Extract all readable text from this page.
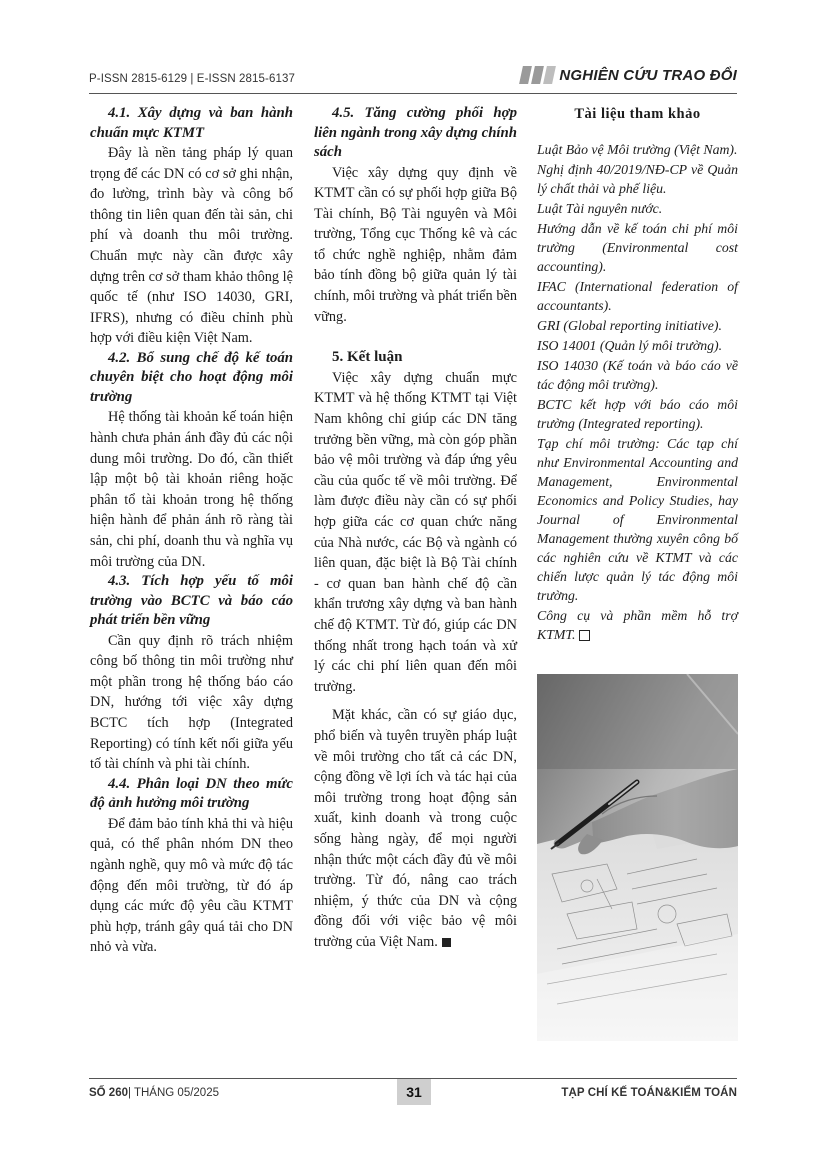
P-ISSN 2815-6129 | E-ISSN 2815-6137	NGHIÊN CỨU TRAO ĐỔI
4.1. Xây dựng và ban hành chuẩn mực KTMT

Đây là nền tảng pháp lý quan trọng để các DN có cơ sở ghi nhận, đo lường, trình bày và công bố thông tin liên quan đến tài sản, chi phí và doanh thu môi trường. Chuẩn mực này cần được xây dựng trên cơ sở tham khảo thông lệ quốc tế (như ISO 14030, GRI, IFRS), nhưng có điều chỉnh phù hợp với điều kiện Việt Nam.

4.2. Bổ sung chế độ kế toán chuyên biệt cho hoạt động môi trường

Hệ thống tài khoản kế toán hiện hành chưa phản ánh đầy đủ các nội dung môi trường. Do đó, cần thiết lập một bộ tài khoản riêng hoặc phân tổ tài khoản trong hệ thống hiện hành để phản ánh rõ ràng tài sản, chi phí, doanh thu và nghĩa vụ môi trường của DN.

4.3. Tích hợp yếu tố môi trường vào BCTC và báo cáo phát triển bền vững

Cần quy định rõ trách nhiệm công bố thông tin môi trường như một phần trong hệ thống báo cáo DN, hướng tới việc xây dựng BCTC tích hợp (Integrated Reporting) có tính kết nối giữa yếu tố tài chính và phi tài chính.

4.4. Phân loại DN theo mức độ ảnh hưởng môi trường

Để đảm bảo tính khả thi và hiệu quả, có thể phân nhóm DN theo ngành nghề, quy mô và mức độ tác động đến môi trường, từ đó áp dụng các mức độ yêu cầu KTMT phù hợp, tránh gây quá tải cho DN nhỏ và vừa.

4.5. Tăng cường phối hợp liên ngành trong xây dựng chính sách

Việc xây dựng quy định về KTMT cần có sự phối hợp giữa Bộ Tài chính, Bộ Tài nguyên và Môi trường, Tổng cục Thống kê và các tổ chức nghề nghiệp, nhằm đảm bảo tính đồng bộ giữa quản lý tài chính, môi trường và phát triển bền vững.

5. Kết luận

Việc xây dựng chuẩn mực KTMT và hệ thống KTMT tại Việt Nam không chỉ giúp các DN tăng trưởng bền vững, mà còn góp phần bảo vệ môi trường và đáp ứng yêu cầu của quốc tế về môi trường. Để làm được điều này cần có sự phối hợp giữa các cơ quan chức năng của Nhà nước, các Bộ và ngành có liên quan, đặc biệt là Bộ Tài chính - cơ quan ban hành chế độ cần khẩn trương xây dựng và ban hành chế độ KTMT. Từ đó, giúp các DN thống nhất trong hạch toán và xử lý các chi phí liên quan đến môi trường.

Mặt khác, cần có sự giáo dục, phổ biến và tuyên truyền pháp luật về môi trường cho tất cả các DN, cộng đồng về lợi ích và tác hại của môi trường trong hoạt động sản xuất, kinh doanh và trong cuộc sống hàng ngày, để mọi người nhận thức một cách đầy đủ về môi trường. Từ đó, nâng cao trách nhiệm, ý thức của DN và cộng đồng đối với việc bảo vệ môi trường của Việt Nam.

Tài liệu tham khảo
Luật Bảo vệ Môi trường (Việt Nam).
Nghị định 40/2019/NĐ-CP về Quản lý chất thải và phế liệu.
Luật Tài nguyên nước.
Hướng dẫn về kế toán chi phí môi trường (Environmental cost accounting).
IFAC (International federation of accountants).
GRI (Global reporting initiative).
ISO 14001 (Quản lý môi trường).
ISO 14030 (Kế toán và báo cáo về tác động môi trường).
BCTC kết hợp với báo cáo môi trường (Integrated reporting).
Tạp chí môi trường: Các tạp chí như Environmental Accounting and Management, Environmental Economics and Policy Studies, hay Journal of Environmental Management thường xuyên công bố các nghiên cứu về KTMT và các chiến lược quản lý tác động môi trường.
Công cụ và phần mềm hỗ trợ KTMT.
SỐ 260| THÁNG 05/2025	31	TẠP CHÍ KẾ TOÁN&KIỂM TOÁN
